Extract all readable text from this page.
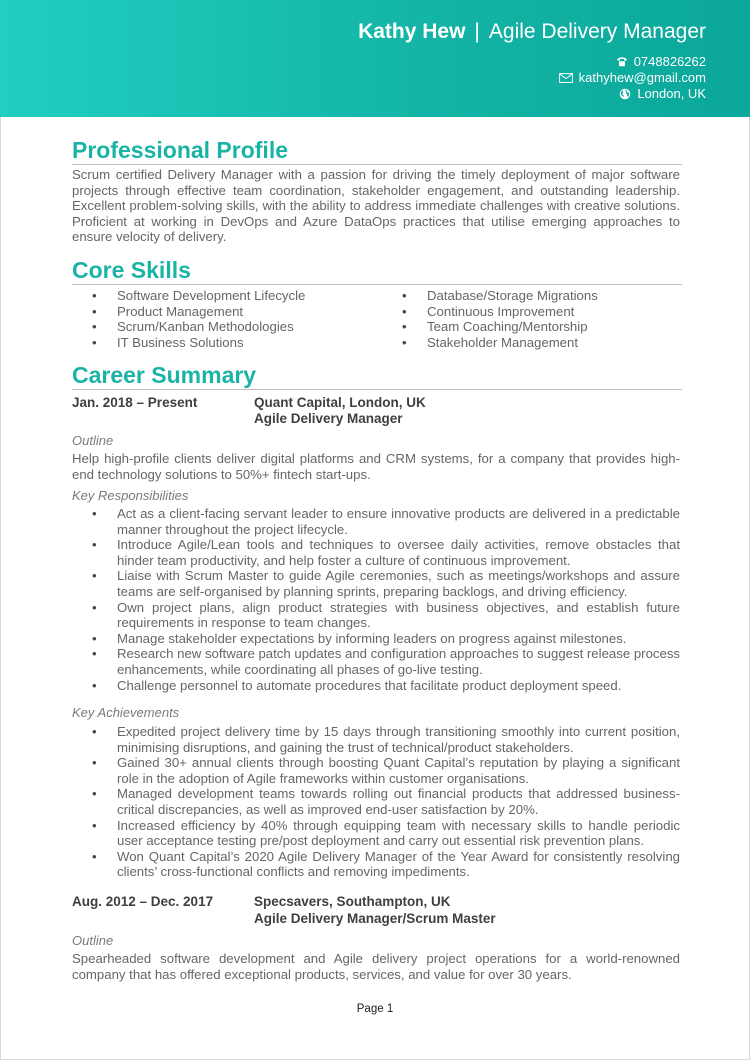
Kathy Hew | Agile Delivery Manager
0748826262
kathyhew@gmail.com
London, UK
Professional Profile
Scrum certified Delivery Manager with a passion for driving the timely deployment of major software projects through effective team coordination, stakeholder engagement, and outstanding leadership. Excellent problem-solving skills, with the ability to address immediate challenges with creative solutions. Proficient at working in DevOps and Azure DataOps practices that utilise emerging approaches to ensure velocity of delivery.
Core Skills
• Software Development Lifecycle
• Product Management
• Scrum/Kanban Methodologies
• IT Business Solutions
• Database/Storage Migrations
• Continuous Improvement
• Team Coaching/Mentorship
• Stakeholder Management
Career Summary
Jan. 2018 – Present	Quant Capital, London, UK
Agile Delivery Manager
Outline
Help high-profile clients deliver digital platforms and CRM systems, for a company that provides high-end technology solutions to 50%+ fintech start-ups.
Key Responsibilities
• Act as a client-facing servant leader to ensure innovative products are delivered in a predictable manner throughout the project lifecycle.
• Introduce Agile/Lean tools and techniques to oversee daily activities, remove obstacles that hinder team productivity, and help foster a culture of continuous improvement.
• Liaise with Scrum Master to guide Agile ceremonies, such as meetings/workshops and assure teams are self-organised by planning sprints, preparing backlogs, and driving efficiency.
• Own project plans, align product strategies with business objectives, and establish future requirements in response to team changes.
• Manage stakeholder expectations by informing leaders on progress against milestones.
• Research new software patch updates and configuration approaches to suggest release process enhancements, while coordinating all phases of go-live testing.
• Challenge personnel to automate procedures that facilitate product deployment speed.
Key Achievements
• Expedited project delivery time by 15 days through transitioning smoothly into current position, minimising disruptions, and gaining the trust of technical/product stakeholders.
• Gained 30+ annual clients through boosting Quant Capital’s reputation by playing a significant role in the adoption of Agile frameworks within customer organisations.
• Managed development teams towards rolling out financial products that addressed business-critical discrepancies, as well as improved end-user satisfaction by 20%.
• Increased efficiency by 40% through equipping team with necessary skills to handle periodic user acceptance testing pre/post deployment and carry out essential risk prevention plans.
• Won Quant Capital’s 2020 Agile Delivery Manager of the Year Award for consistently resolving clients’ cross-functional conflicts and removing impediments.
Aug. 2012 – Dec. 2017	Specsavers, Southampton, UK
Agile Delivery Manager/Scrum Master
Outline
Spearheaded software development and Agile delivery project operations for a world-renowned company that has offered exceptional products, services, and value for over 30 years.
Page 1
